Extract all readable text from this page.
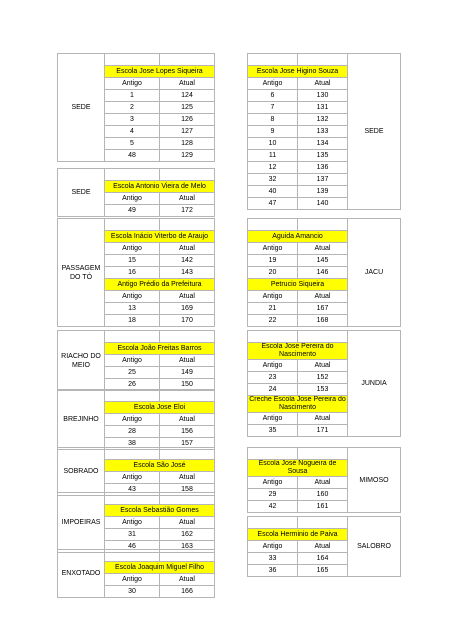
SEDE		
	Escola Jose Lopes Siqueira	
	Antigo	Atual
	1	124
	2	125
	3	126
	4	127
	5	128
	48	129
SEDE		
	Escola Antonio Vieira de Melo	
	Antigo	Atual
	49	172
PASSAGEM DO TÓ		
	Escola Inácio Viterbo de Araujo	
	Antigo	Atual
	15	142
	16	143
	Antigo Prédio da Prefeitura	
	Antigo	Atual
	13	169
	18	170
RIACHO DO MEIO		
	Escola João Freitas Barros	
	Antigo	Atual
	25	149
	26	150
BREJINHO		
	Escola Jose Eloi	
	Antigo	Atual
	28	156
	38	157
SOBRADO		
	Escola São José	
	Antigo	Atual
	43	158
IMPOEIRAS		
	Escola Sebastião Gomes	
	Antigo	Atual
	31	162
	46	163
ENXOTADO		
	Escola Joaquim Miguel Filho	
	Antigo	Atual
	30	166
		SEDE
Escola Jose Higino Souza		
Antigo	Atual	
6	130	
7	131	
8	132	
9	133	
10	134	
11	135	
12	136	
32	137	
40	139	
47	140	
		JACU
Aguida Amancio		
Antigo	Atual	
19	145	
20	146	
Petrucio Siqueira		
Antigo	Atual	
21	167	
22	168	
		JUNDIA
Escola Jose Pereira do Nascimento		
Antigo	Atual	
23	152	
24	153	
Creche Escola Jose Pereira do Nascimento		
Antigo	Atual	
35	171	
		MIMOSO
Escola José Nogueira de Sousa		
Antigo	Atual	
29	160	
42	161	
		SALOBRO
Escola Herminio de Paiva		
Antigo	Atual	
33	164	
36	165	
